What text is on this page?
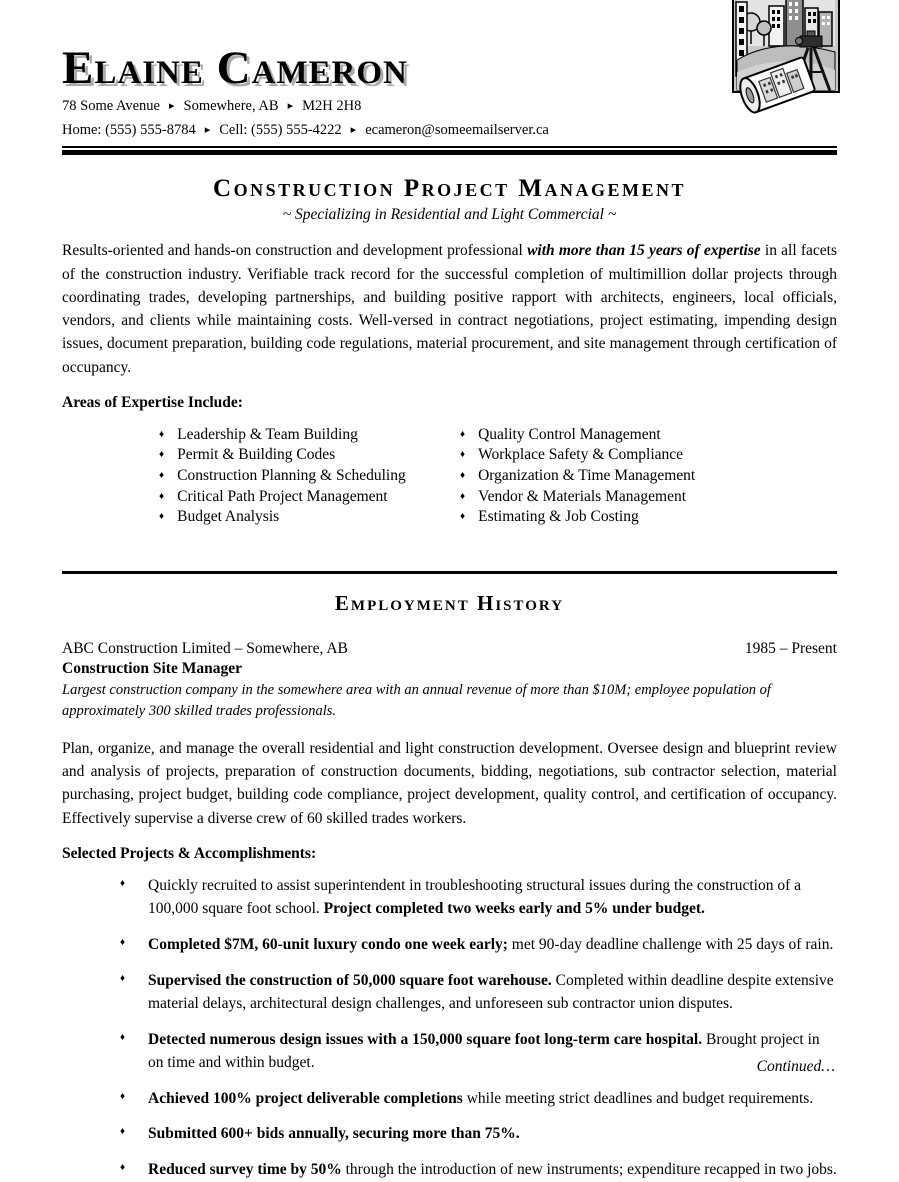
Elaine Cameron
78 Some Avenue ▸ Somewhere, AB ▸ M2H 2H8
Home: (555) 555-8784 ▸ Cell: (555) 555-4222 ▸ ecameron@someemailserver.ca
Construction Project Management
~ Specializing in Residential and Light Commercial ~

Results-oriented and hands-on construction and development professional with more than 15 years of expertise in all facets of the construction industry. Verifiable track record for the successful completion of multimillion dollar projects through coordinating trades, developing partnerships, and building positive rapport with architects, engineers, local officials, vendors, and clients while maintaining costs. Well-versed in contract negotiations, project estimating, impending design issues, document preparation, building code regulations, material procurement, and site management through certification of occupancy.

Areas of Expertise Include:
♦ Leadership & Team Building
♦ Permit & Building Codes
♦ Construction Planning & Scheduling
♦ Critical Path Project Management
♦ Budget Analysis
♦ Quality Control Management
♦ Workplace Safety & Compliance
♦ Organization & Time Management
♦ Vendor & Materials Management
♦ Estimating & Job Costing
Employment History
ABC Construction Limited – Somewhere, AB	1985 – Present
Construction Site Manager
Largest construction company in the somewhere area with an annual revenue of more than $10M; employee population of approximately 300 skilled trades professionals.

Plan, organize, and manage the overall residential and light construction development. Oversee design and blueprint review and analysis of projects, preparation of construction documents, bidding, negotiations, sub contractor selection, material purchasing, project budget, building code compliance, project development, quality control, and certification of occupancy. Effectively supervise a diverse crew of 60 skilled trades workers.

Selected Projects & Accomplishments:
♦ Quickly recruited to assist superintendent in troubleshooting structural issues during the construction of a 100,000 square foot school. Project completed two weeks early and 5% under budget.
♦ Completed $7M, 60-unit luxury condo one week early; met 90-day deadline challenge with 25 days of rain.
♦ Supervised the construction of 50,000 square foot warehouse. Completed within deadline despite extensive material delays, architectural design challenges, and unforeseen sub contractor union disputes.
♦ Detected numerous design issues with a 150,000 square foot long-term care hospital. Brought project in on time and within budget.
♦ Achieved 100% project deliverable completions while meeting strict deadlines and budget requirements.
♦ Submitted 600+ bids annually, securing more than 75%.
♦ Reduced survey time by 50% through the introduction of new instruments; expenditure recapped in two jobs.
Continued…
